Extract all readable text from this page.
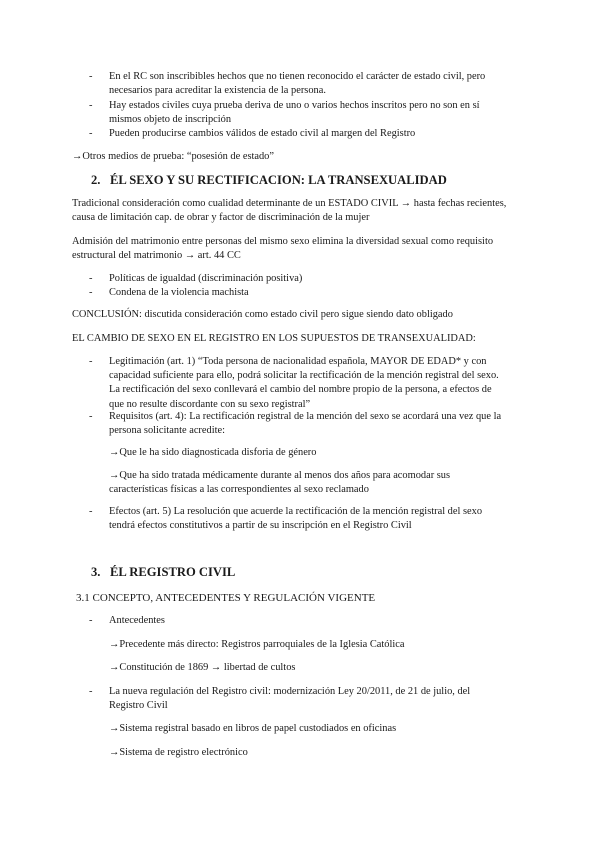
- En el RC son inscribibles hechos que no tienen reconocido el carácter de estado civil, pero necesarios para acreditar la existencia de la persona.
- Hay estados civiles cuya prueba deriva de uno o varios hechos inscritos pero no son en sí mismos objeto de inscripción
- Pueden producirse cambios válidos de estado civil al margen del Registro
→Otros medios de prueba: “posesión de estado”
2. ÉL SEXO Y SU RECTIFICACION: LA TRANSEXUALIDAD
Tradicional consideración como cualidad determinante de un ESTADO CIVIL → hasta fechas recientes, causa de limitación cap. de obrar y factor de discriminación de la mujer
Admisión del matrimonio entre personas del mismo sexo elimina la diversidad sexual como requisito estructural del matrimonio → art. 44 CC
- Políticas de igualdad (discriminación positiva)
- Condena de la violencia machista
CONCLUSIÓN: discutida consideración como estado civil pero sigue siendo dato obligado
EL CAMBIO DE SEXO EN EL REGISTRO EN LOS SUPUESTOS DE TRANSEXUALIDAD:
- Legitimación (art. 1) “Toda persona de nacionalidad española, MAYOR DE EDAD* y con capacidad suficiente para ello, podrá solicitar la rectificación de la mención registral del sexo. La rectificación del sexo conllevará el cambio del nombre propio de la persona, a efectos de que no resulte discordante con su sexo registral”
- Requisitos (art. 4): La rectificación registral de la mención del sexo se acordará una vez que la persona solicitante acredite:
→Que le ha sido diagnosticada disforia de género
→Que ha sido tratada médicamente durante al menos dos años para acomodar sus características físicas a las correspondientes al sexo reclamado
- Efectos (art. 5) La resolución que acuerde la rectificación de la mención registral del sexo tendrá efectos constitutivos a partir de su inscripción en el Registro Civil
3. ÉL REGISTRO CIVIL
3.1 CONCEPTO, ANTECEDENTES Y REGULACIÓN VIGENTE
- Antecedentes
→Precedente más directo: Registros parroquiales de la Iglesia Católica
→Constitución de 1869 → libertad de cultos
- La nueva regulación del Registro civil: modernización Ley 20/2011, de 21 de julio, del Registro Civil
→Sistema registral basado en libros de papel custodiados en oficinas
→Sistema de registro electrónico
